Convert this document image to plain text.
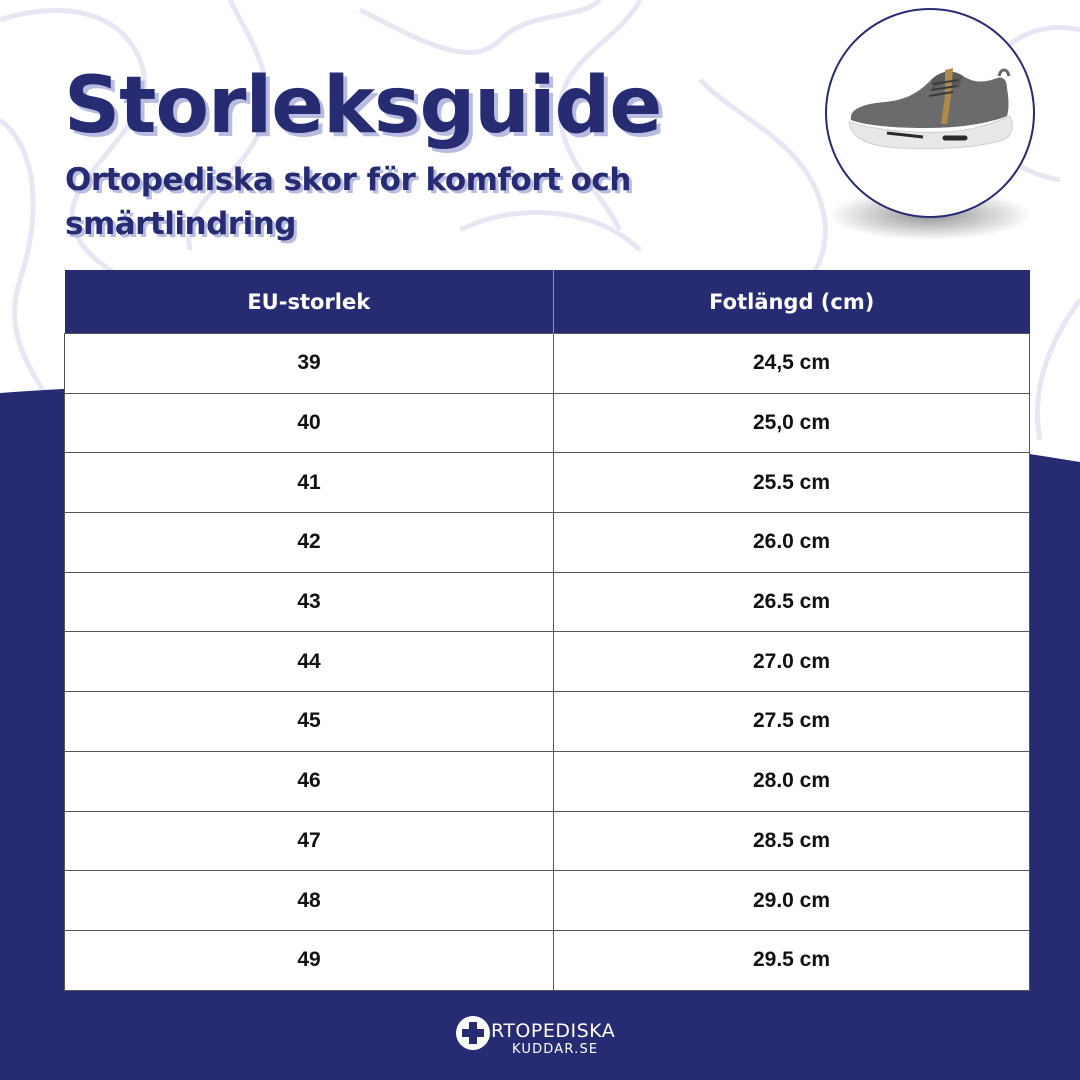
Storleksguide
Ortopediska skor för komfort och smärtlindring
EU-storlek	Fotlängd (cm)
39	24,5 cm
40	25,0 cm
41	25.5 cm
42	26.0 cm
43	26.5 cm
44	27.0 cm
45	27.5 cm
46	28.0 cm
47	28.5 cm
48	29.0 cm
49	29.5 cm
RTOPEDISKA
KUDDAR.SE
